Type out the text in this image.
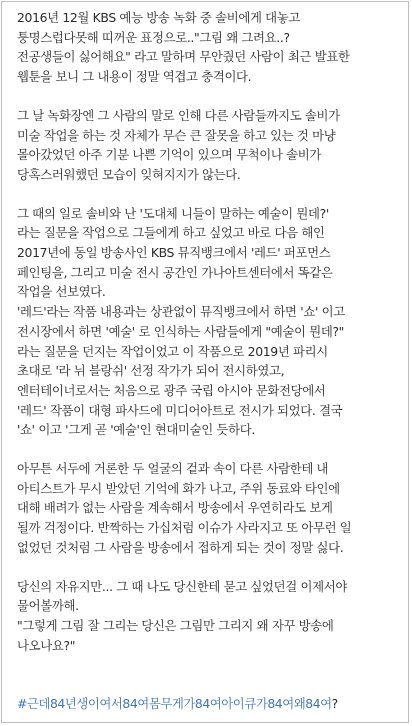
2016년 12월 KBS 예능 방송 녹화 중 솔비에게 대놓고
퉁명스럽다못해 띠꺼운 표정으로.."그림 왜 그려요..?
전공생들이 싫어해요" 라고 말하며 무안줬던 사람이 최근 발표한
웹툰을 보니 그 내용이 정말 역겹고 충격이다.

그 날 녹화장엔 그 사람의 말로 인해 다른 사람들까지도 솔비가
미술 작업을 하는 것 자체가 무슨 큰 잘못을 하고 있는 것 마냥
몰아갔었던 아주 기분 나쁜 기억이 있으며 무척이나 솔비가
당혹스러워했던 모습이 잊혀지지가 않는다.

그 때의 일로 솔비와 난 '도대체 니들이 말하는 예술이 뭔데?'
라는 질문을 작업으로 그들에게 하고 싶었고 바로 다음 해인
2017년에 동일 방송사인 KBS 뮤직뱅크에서 '레드' 퍼포먼스
페인팅을, 그리고 미술 전시 공간인 가나아트센터에서 똑같은
작업을 선보였다.
'레드'라는 작품 내용과는 상관없이 뮤직뱅크에서 하면 '쇼' 이고
전시장에서 하면 '예술' 로 인식하는 사람들에게 "예술이 뭔데?"
라는 질문을 던지는 작업이었고 이 작품으로 2019년 파리시
초대로 '라 뉘 블랑쉬' 선정 작가가 되어 전시하였고,
엔터테이너로서는 처음으로 광주 국립 아시아 문화전당에서
'레드' 작품이 대형 파사드에 미디어아트로 전시가 되었다. 결국
'쇼' 이고 '그게 곧 '예술'인 현대미술인 듯하다.

아무튼 서두에 거론한 두 얼굴의 겉과 속이 다른 사람한테 내
아티스트가 무시 받았던 기억에 화가 나고, 주위 동료와 타인에
대해 배려가 없는 사람을 계속해서 방송에서 우연히라도 보게
될까 걱정이다. 반짝하는 가십처럼 이슈가 사라지고 또 아무런 일
없었던 것처럼 그 사람을 방송에서 접하게 되는 것이 정말 싫다.

당신의 자유지만... 그 때 나도 당신한테 묻고 싶었던걸 이제서야
물어볼까해.
"그렇게 그림 잘 그리는 당신은 그림만 그리지 왜 자꾸 방송에
나오나요?"

#근데84년생이여서84여몸무게가84여아이큐가84여왜84여?
